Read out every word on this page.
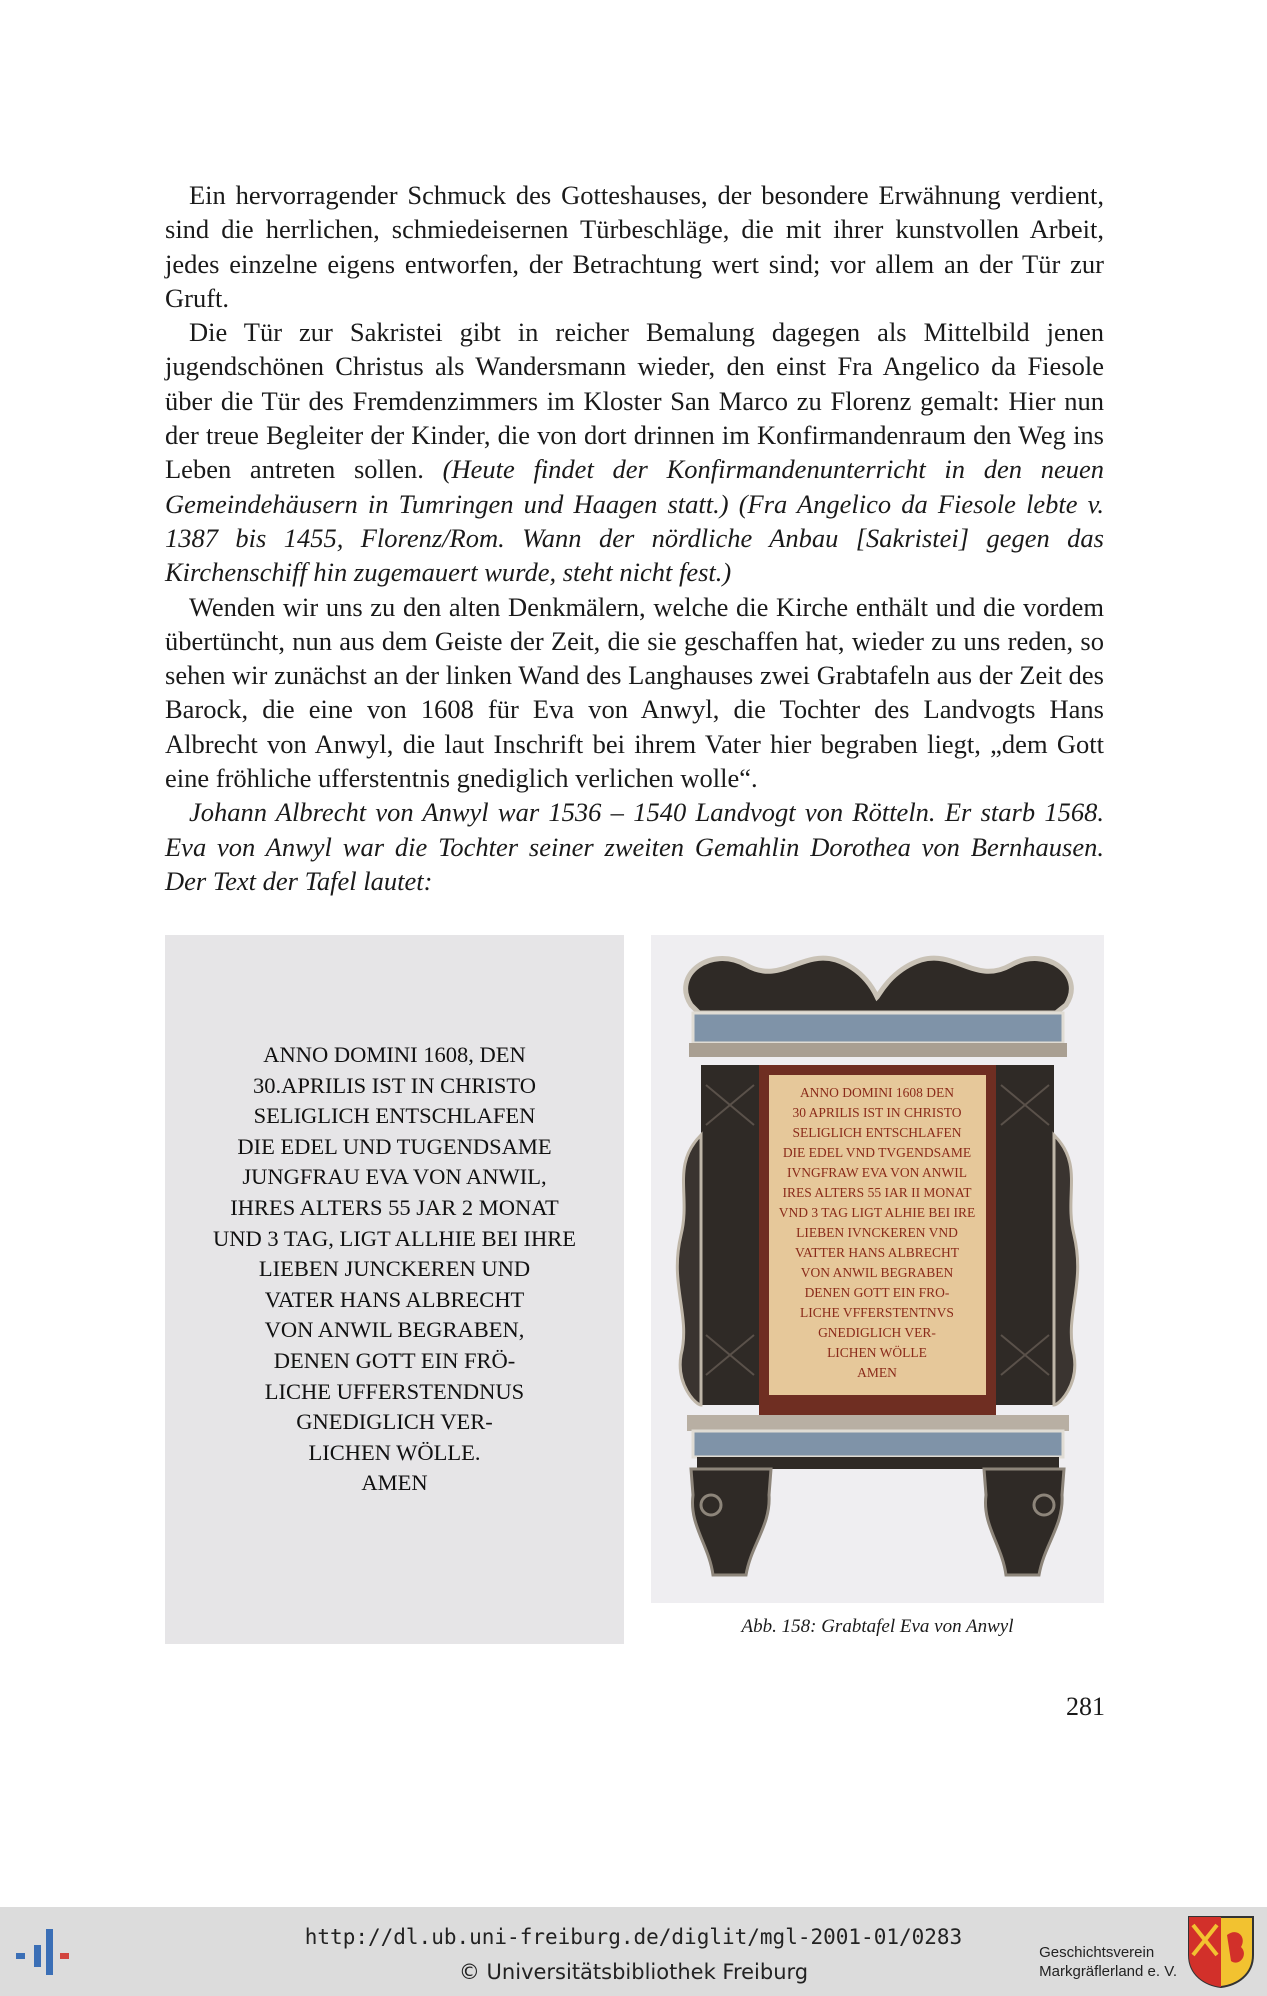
Ein hervorragender Schmuck des Gotteshauses, der besondere Erwähnung verdient, sind die herrlichen, schmiedeisernen Türbeschläge, die mit ihrer kunstvollen Arbeit, jedes einzelne eigens entworfen, der Betrachtung wert sind; vor allem an der Tür zur Gruft.

Die Tür zur Sakristei gibt in reicher Bemalung dagegen als Mittelbild jenen jugendschönen Christus als Wandersmann wieder, den einst Fra Angelico da Fiesole über die Tür des Fremdenzimmers im Kloster San Marco zu Florenz gemalt: Hier nun der treue Begleiter der Kinder, die von dort drinnen im Konfirmandenraum den Weg ins Leben antreten sollen. (Heute findet der Konfirmandenunterricht in den neuen Gemeindehäusern in Tumringen und Haagen statt.) (Fra Angelico da Fiesole lebte v. 1387 bis 1455, Florenz/Rom. Wann der nördliche Anbau [Sakristei] gegen das Kirchenschiff hin zugemauert wurde, steht nicht fest.)

Wenden wir uns zu den alten Denkmälern, welche die Kirche enthält und die vordem übertüncht, nun aus dem Geiste der Zeit, die sie geschaffen hat, wieder zu uns reden, so sehen wir zunächst an der linken Wand des Langhauses zwei Grabtafeln aus der Zeit des Barock, die eine von 1608 für Eva von Anwyl, die Tochter des Landvogts Hans Albrecht von Anwyl, die laut Inschrift bei ihrem Vater hier begraben liegt, „dem Gott eine fröhliche ufferstentnis gnediglich verlichen wolle“.

Johann Albrecht von Anwyl war 1536 – 1540 Landvogt von Rötteln. Er starb 1568. Eva von Anwyl war die Tochter seiner zweiten Gemahlin Dorothea von Bernhausen. Der Text der Tafel lautet:

ANNO DOMINI 1608, DEN
30.APRILIS IST IN CHRISTO
SELIGLICH ENTSCHLAFEN
DIE EDEL UND TUGENDSAME
JUNGFRAU EVA VON ANWIL,
IHRES ALTERS 55 JAR 2 MONAT
UND 3 TAG, LIGT ALLHIE BEI IHRE
LIEBEN JUNCKEREN UND
VATER HANS ALBRECHT
VON ANWIL BEGRABEN,
DENEN GOTT EIN FRÖ-
LICHE UFFERSTENDNUS
GNEDIGLICH VER-
LICHEN WÖLLE.
AMEN
ANNO DOMINI 1608 DEN
30 APRILIS IST IN CHRISTO
SELIGLICH ENTSCHLAFEN
DIE EDEL VND TVGENDSAME
IVNGFRAW EVA VON ANWIL
IRES ALTERS 55 IAR II MONAT
VND 3 TAG LIGT ALHIE BEI IRE
LIEBEN IVNCKEREN VND
VATTER HANS ALBRECHT
VON ANWIL BEGRABEN
DENEN GOTT EIN FRO-
LICHE VFFERSTENTNVS
GNEDIGLICH VER-
LICHEN WÖLLE
AMEN
Abb. 158: Grabtafel Eva von Anwyl
281
http://dl.ub.uni-freiburg.de/diglit/mgl-2001-01/0283
© Universitätsbibliothek Freiburg
Geschichtsverein
Markgräflerland e. V.
